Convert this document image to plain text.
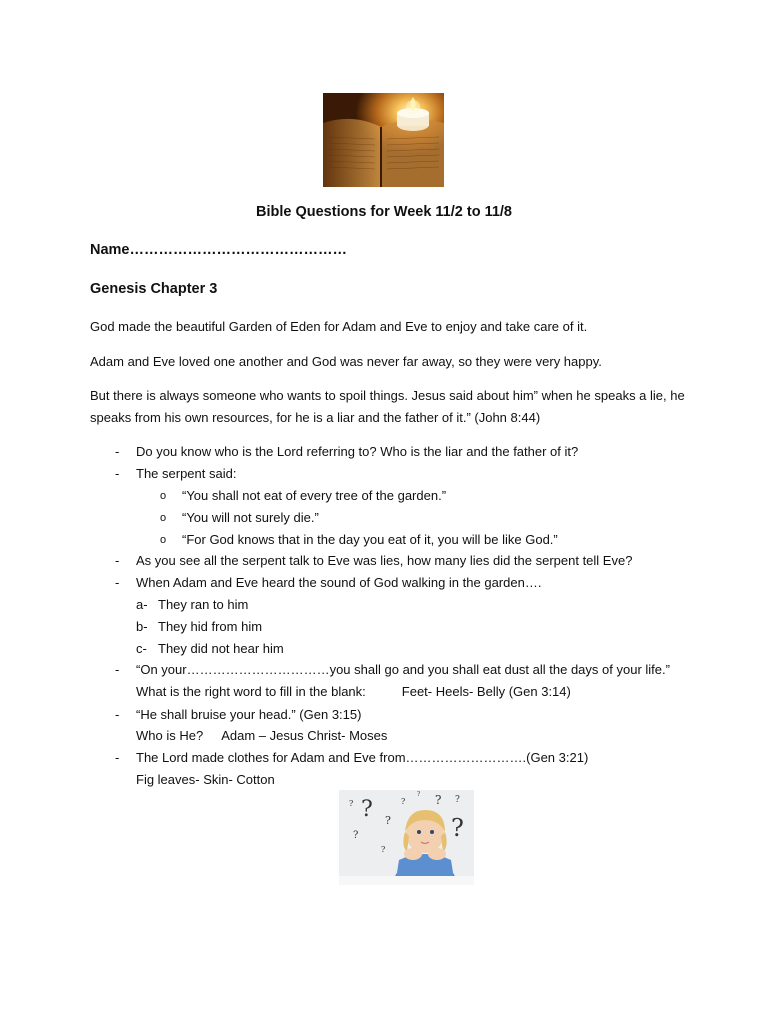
Bible Questions for Week 11/2 to 11/8

Name………………………………………

Genesis Chapter 3

God made the beautiful Garden of Eden for Adam and Eve to enjoy and take care of it.

Adam and Eve loved one another and God was never far away, so they were very happy.

But there is always someone who wants to spoil things. Jesus said about him” when he speaks a lie, he speaks from his own resources, for he is a liar and the father of it.” (John 8:44)

- Do you know who is the Lord referring to? Who is the liar and the father of it?

- The serpent said:

o “You shall not eat of every tree of the garden.”

o “You will not surely die.”

o “For God knows that in the day you eat of it, you will be like God.”

- As you see all the serpent talk to Eve was lies, how many lies did the serpent tell Eve?

- When Adam and Eve heard the sound of God walking in the garden….

a- They ran to him

b- They hid from him

c- They did not hear him

- “On your……………………………you shall go and you shall eat dust all the days of your life.”

What is the right word to fill in the blank:	Feet- Heels- Belly (Gen 3:14)

- “He shall bruise your head.” (Gen 3:15)

Who is He? Adam – Jesus Christ- Moses

- The Lord made clothes for Adam and Eve from……………………….(Gen 3:21)

Fig leaves- Skin- Cotton

?
?
?
? ? ?
?
?
?
?
